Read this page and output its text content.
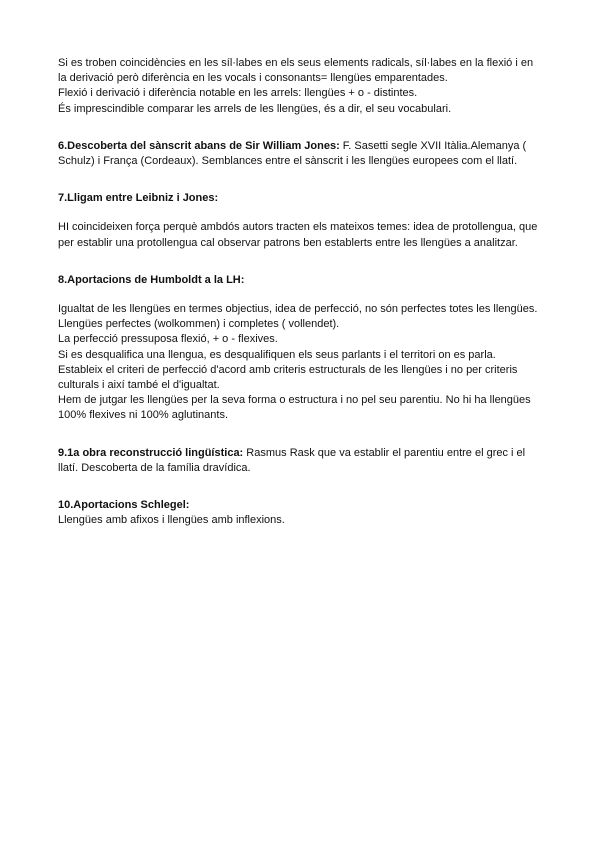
Si es troben coincidències en les síl·labes en els seus elements radicals, síl·labes en la flexió i en
la derivació però diferència en les vocals i consonants= llengües emparentades.
Flexió i derivació i diferència notable en les arrels: llengües + o - distintes.
És imprescindible comparar les arrels de les llengües, és a dir, el seu vocabulari.
6.Descoberta del sànscrit abans de Sir William Jones: F. Sasetti segle XVII Itàlia.Alemanya (
Schulz) i França (Cordeaux). Semblances entre el sànscrit i les llengües europees com el llatí.
7.Lligam entre Leibniz i Jones:
HI coincideixen força perquè ambdós autors tracten els mateixos temes: idea de protollengua, que
per establir una protollengua cal observar patrons ben establerts entre les llengües a analitzar.
8.Aportacions de Humboldt a la LH:
Igualtat de les llengües en termes objectius, idea de perfecció, no són perfectes totes les llengües.
Llengües perfectes (wolkommen) i completes ( vollendet).
La perfecció pressuposa flexió, + o - flexives.
Si es desqualifica una llengua, es desqualifiquen els seus parlants i el territori on es parla.
Estableix el criteri de perfecció d'acord amb criteris estructurals de les llengües i no per criteris
culturals i així també el d'igualtat.
Hem de jutgar les llengües per la seva forma o estructura i no pel seu parentiu. No hi ha llengües
100% flexives ni 100% aglutinants.
9.1a obra reconstrucció lingüística: Rasmus Rask que va establir el parentiu entre el grec i el
llatí. Descoberta de la família dravídica.
10.Aportacions Schlegel:
Llengües amb afixos i llengües amb inflexions.
